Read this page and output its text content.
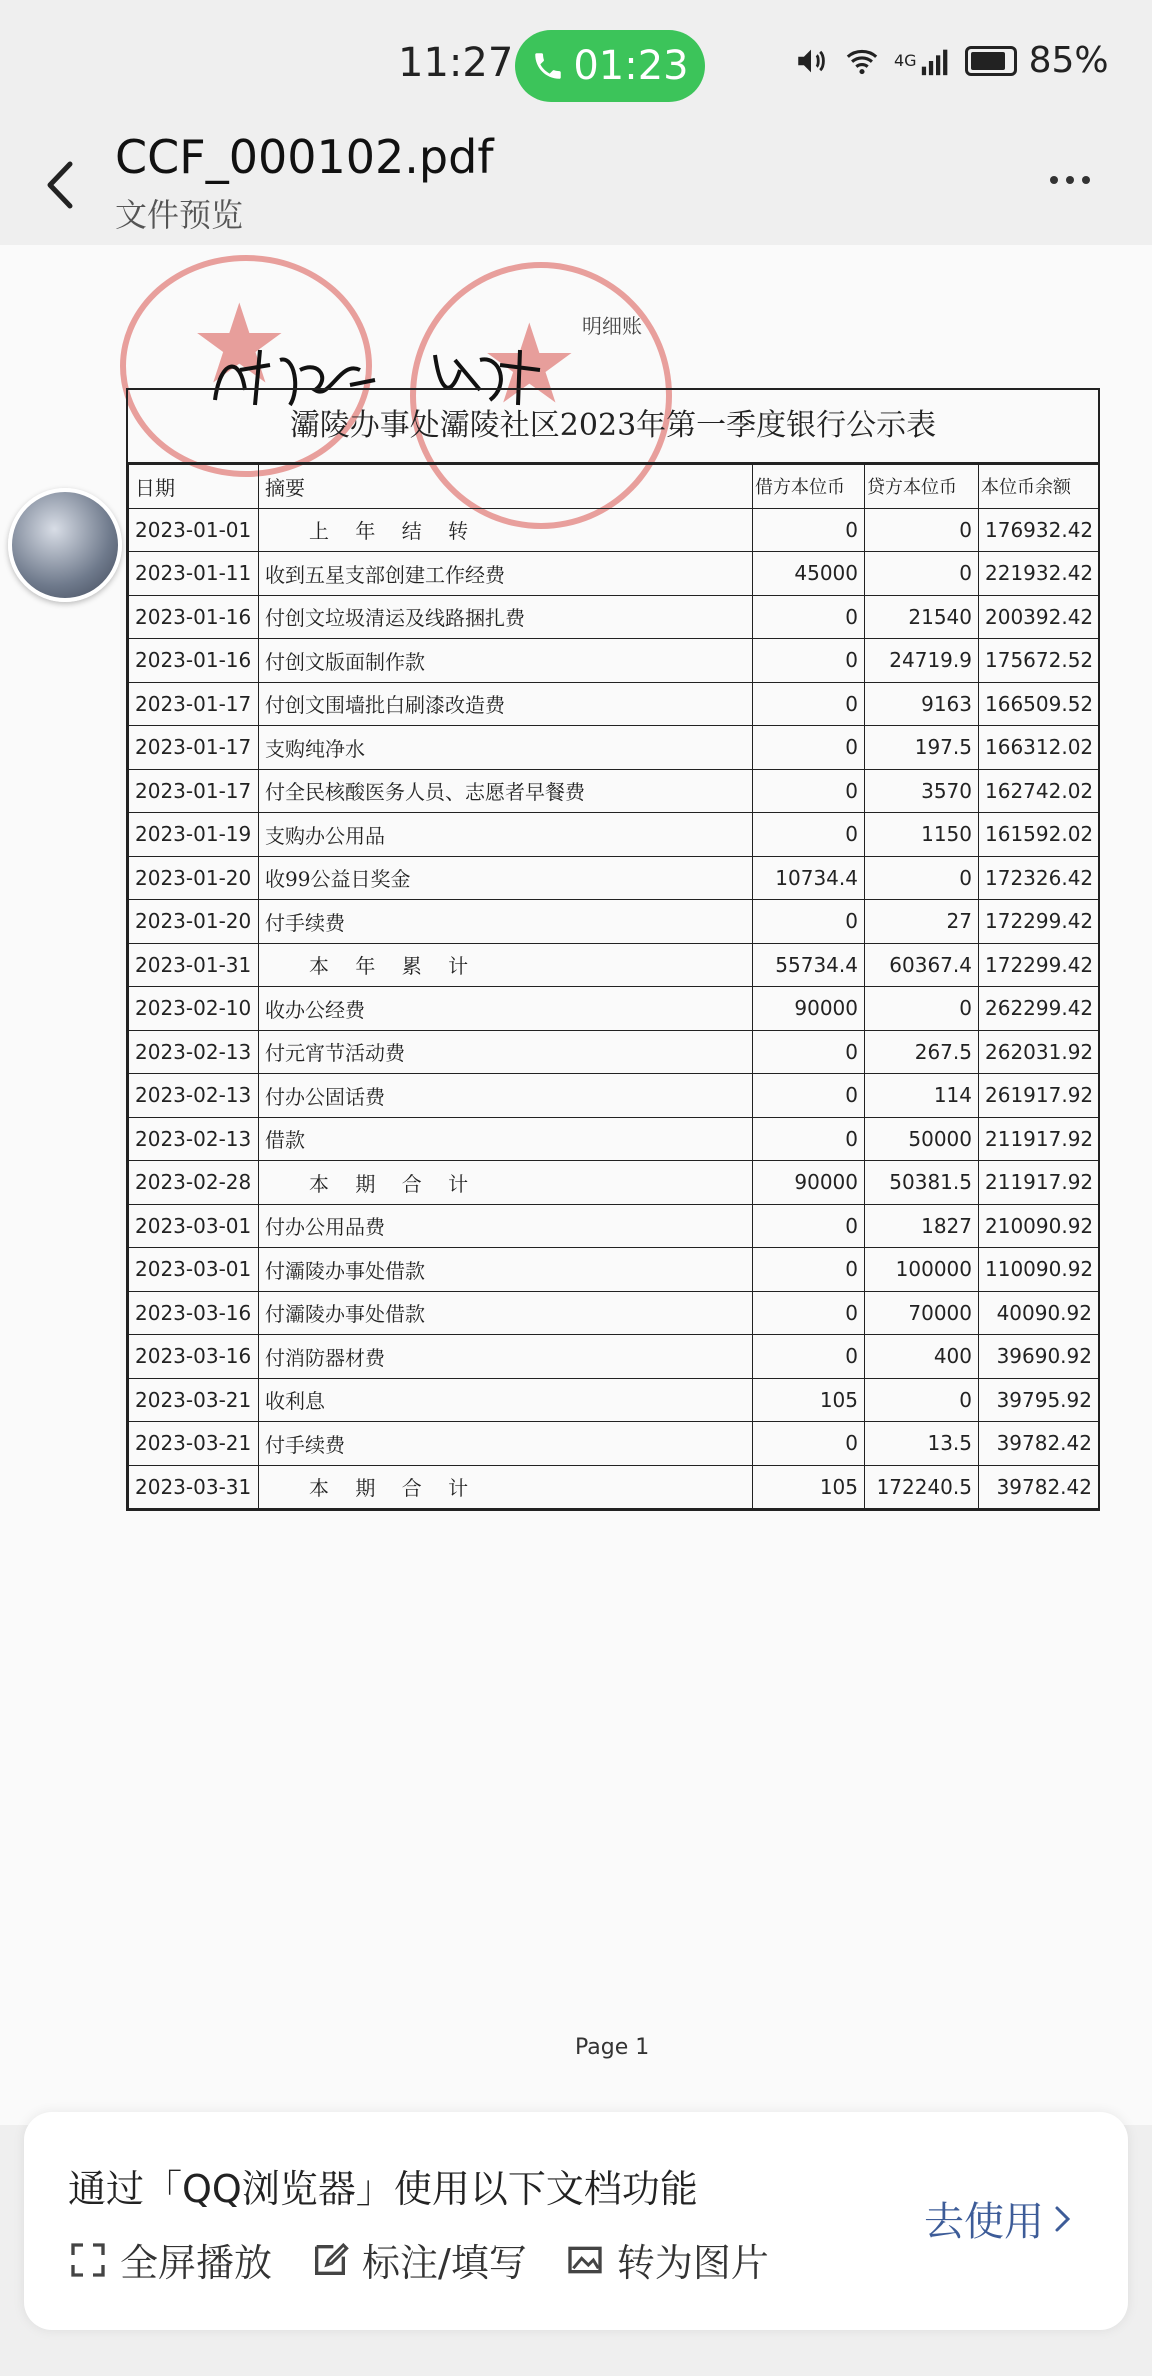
11:27 01:23	4G	85%
CCF_000102.pdf
文件预览
★ ★ 明细账
灞陵办事处灞陵社区2023年第一季度银行公示表
日期	摘要	借方本位币	贷方本位币	本位币余额
2023-01-01	上 年 结 转	0	0	176932.42
2023-01-11	收到五星支部创建工作经费	45000	0	221932.42
2023-01-16	付创文垃圾清运及线路捆扎费	0	21540	200392.42
2023-01-16	付创文版面制作款	0	24719.9	175672.52
2023-01-17	付创文围墙批白刷漆改造费	0	9163	166509.52
2023-01-17	支购纯净水	0	197.5	166312.02
2023-01-17	付全民核酸医务人员、志愿者早餐费	0	3570	162742.02
2023-01-19	支购办公用品	0	1150	161592.02
2023-01-20	收99公益日奖金	10734.4	0	172326.42
2023-01-20	付手续费	0	27	172299.42
2023-01-31	本 年 累 计	55734.4	60367.4	172299.42
2023-02-10	收办公经费	90000	0	262299.42
2023-02-13	付元宵节活动费	0	267.5	262031.92
2023-02-13	付办公固话费	0	114	261917.92
2023-02-13	借款	0	50000	211917.92
2023-02-28	本 期 合 计	90000	50381.5	211917.92
2023-03-01	付办公用品费	0	1827	210090.92
2023-03-01	付灞陵办事处借款	0	100000	110090.92
2023-03-16	付灞陵办事处借款	0	70000	40090.92
2023-03-16	付消防器材费	0	400	39690.92
2023-03-21	收利息	105	0	39795.92
2023-03-21	付手续费	0	13.5	39782.42
2023-03-31	本 期 合 计	105	172240.5	39782.42
Page 1
通过「QQ浏览器」使用以下文档功能
全屏播放 标注/填写 转为图片
去使用
